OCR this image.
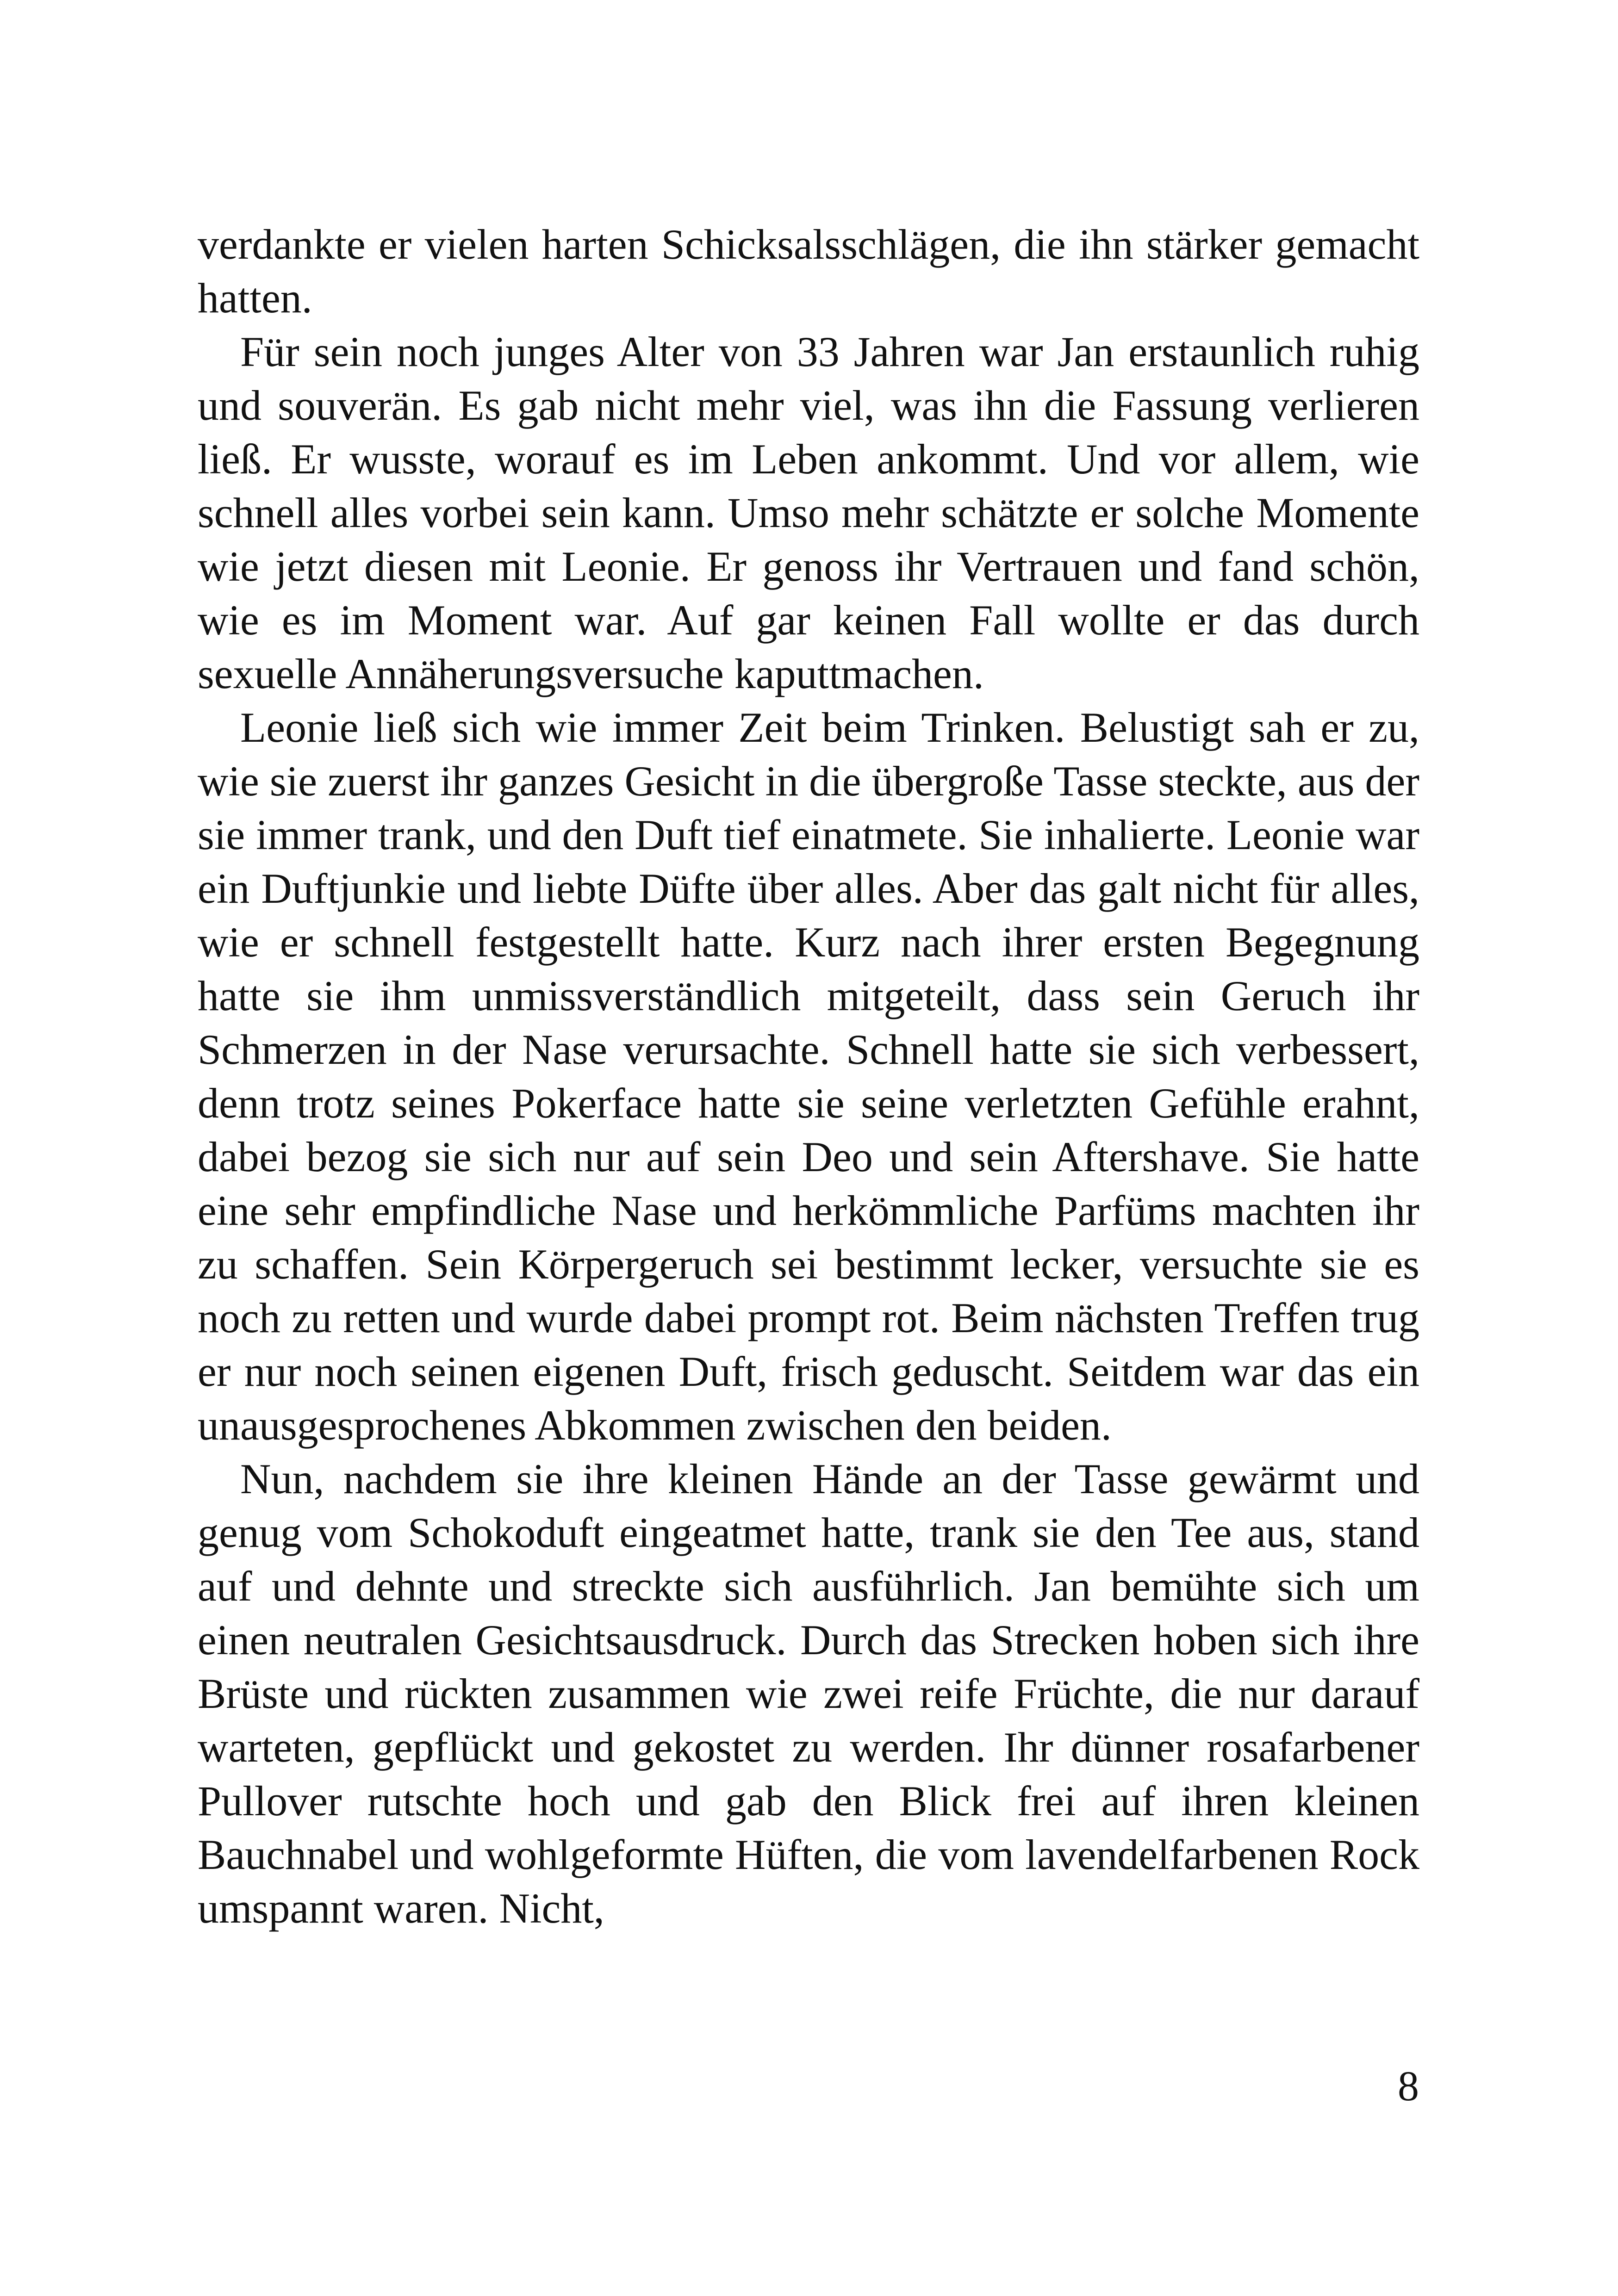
verdankte er vielen harten Schicksalsschlägen, die ihn stärker gemacht hatten.

Für sein noch junges Alter von 33 Jahren war Jan erstaunlich ruhig und souverän. Es gab nicht mehr viel, was ihn die Fassung verlieren ließ. Er wusste, worauf es im Leben ankommt. Und vor allem, wie schnell alles vorbei sein kann. Umso mehr schätzte er solche Momente wie jetzt diesen mit Leonie. Er genoss ihr Vertrauen und fand schön, wie es im Moment war. Auf gar keinen Fall wollte er das durch sexuelle Annäherungsversuche kaputtmachen.

Leonie ließ sich wie immer Zeit beim Trinken. Belustigt sah er zu, wie sie zuerst ihr ganzes Gesicht in die übergroße Tasse steckte, aus der sie immer trank, und den Duft tief einatmete. Sie inhalierte. Leonie war ein Duftjunkie und liebte Düfte über alles. Aber das galt nicht für alles, wie er schnell festgestellt hatte. Kurz nach ihrer ersten Begegnung hatte sie ihm unmissverständlich mitgeteilt, dass sein Geruch ihr Schmerzen in der Nase verursachte. Schnell hatte sie sich verbessert, denn trotz seines Pokerface hatte sie seine verletzten Gefühle erahnt, dabei bezog sie sich nur auf sein Deo und sein Aftershave. Sie hatte eine sehr empfindliche Nase und herkömmliche Parfüms machten ihr zu schaffen. Sein Körpergeruch sei bestimmt lecker, versuchte sie es noch zu retten und wurde dabei prompt rot. Beim nächsten Treffen trug er nur noch seinen eigenen Duft, frisch geduscht. Seitdem war das ein unausgesprochenes Abkommen zwischen den beiden.

Nun, nachdem sie ihre kleinen Hände an der Tasse gewärmt und genug vom Schokoduft eingeatmet hatte, trank sie den Tee aus, stand auf und dehnte und streckte sich ausführlich. Jan bemühte sich um einen neutralen Gesichtsausdruck. Durch das Strecken hoben sich ihre Brüste und rückten zusammen wie zwei reife Früchte, die nur darauf warteten, gepflückt und gekostet zu werden. Ihr dünner rosafarbener Pullover rutschte hoch und gab den Blick frei auf ihren kleinen Bauchnabel und wohlgeformte Hüften, die vom lavendelfarbenen Rock umspannt waren. Nicht,

8
